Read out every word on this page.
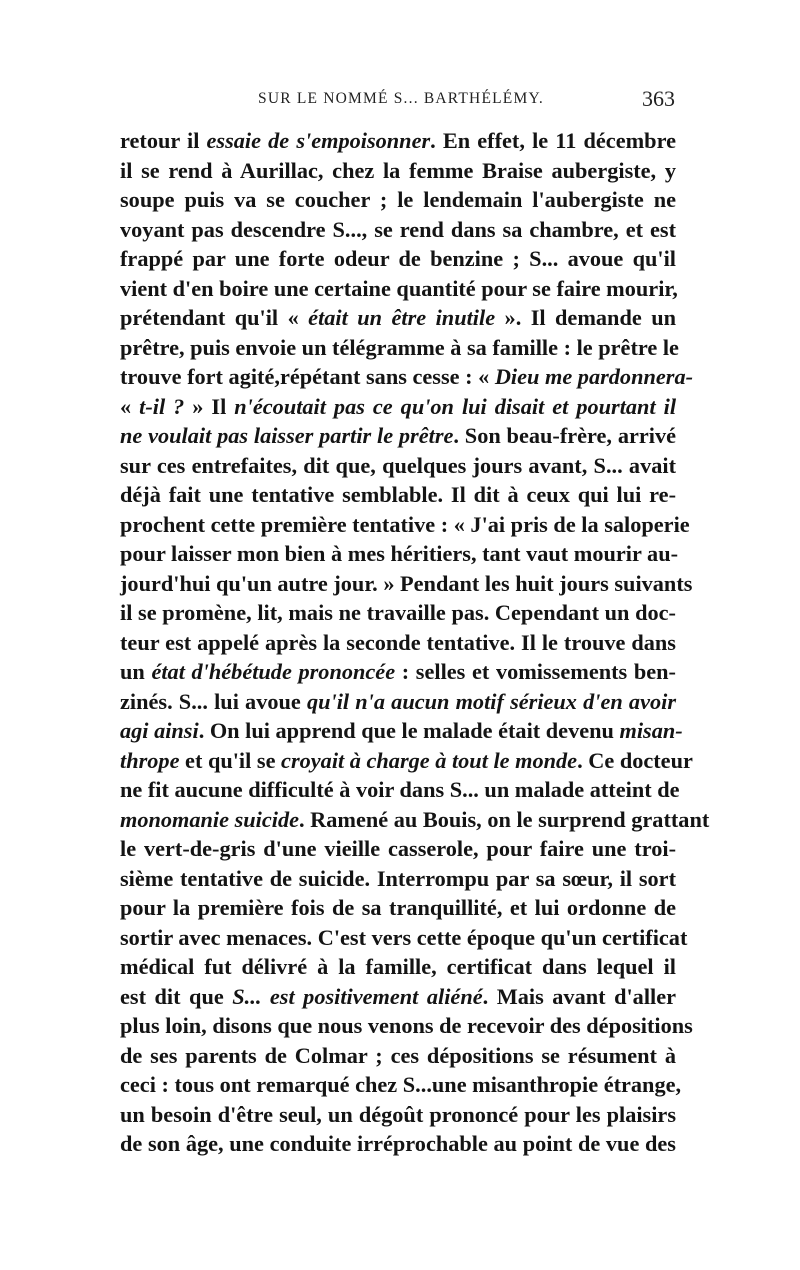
SUR LE NOMMÉ S... BARTHÉLÉMY.	363
retour il essaie de s'empoisonner. En effet, le 11 décembre
il se rend à Aurillac, chez la femme Braise aubergiste, y
soupe puis va se coucher ; le lendemain l'aubergiste ne
voyant pas descendre S..., se rend dans sa chambre, et est
frappé par une forte odeur de benzine ; S... avoue qu'il
vient d'en boire une certaine quantité pour se faire mourir,
prétendant qu'il « était un être inutile ». Il demande un
prêtre, puis envoie un télégramme à sa famille : le prêtre le
trouve fort agité,répétant sans cesse : « Dieu me pardonnera-
« t-il ? » Il n'écoutait pas ce qu'on lui disait et pourtant il
ne voulait pas laisser partir le prêtre. Son beau-frère, arrivé
sur ces entrefaites, dit que, quelques jours avant, S... avait
déjà fait une tentative semblable. Il dit à ceux qui lui re-
prochent cette première tentative : « J'ai pris de la saloperie
pour laisser mon bien à mes héritiers, tant vaut mourir au-
jourd'hui qu'un autre jour. » Pendant les huit jours suivants
il se promène, lit, mais ne travaille pas. Cependant un doc-
teur est appelé après la seconde tentative. Il le trouve dans
un état d'hébétude prononcée : selles et vomissements ben-
zinés. S... lui avoue qu'il n'a aucun motif sérieux d'en avoir
agi ainsi. On lui apprend que le malade était devenu misan-
thrope et qu'il se croyait à charge à tout le monde. Ce docteur
ne fit aucune difficulté à voir dans S... un malade atteint de
monomanie suicide. Ramené au Bouis, on le surprend grattant
le vert-de-gris d'une vieille casserole, pour faire une troi-
sième tentative de suicide. Interrompu par sa sœur, il sort
pour la première fois de sa tranquillité, et lui ordonne de
sortir avec menaces. C'est vers cette époque qu'un certificat
médical fut délivré à la famille, certificat dans lequel il
est dit que S... est positivement aliéné. Mais avant d'aller
plus loin, disons que nous venons de recevoir des dépositions
de ses parents de Colmar ; ces dépositions se résument à
ceci : tous ont remarqué chez S...une misanthropie étrange,
un besoin d'être seul, un dégoût prononcé pour les plaisirs
de son âge, une conduite irréprochable au point de vue des
